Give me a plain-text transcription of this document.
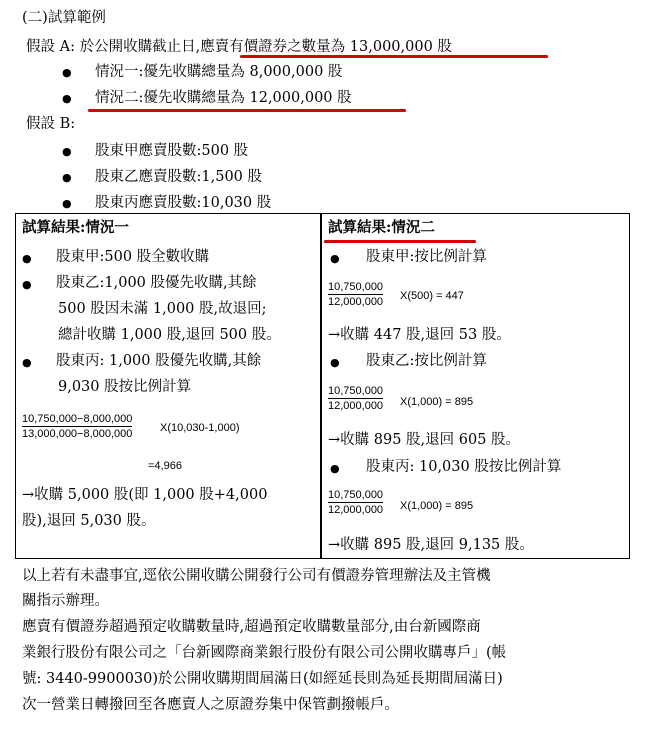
(二)試算範例
假設 A: 於公開收購截止日,應賣有價證券之數量為 13,000,000 股
● 情況一:優先收購總量為 8,000,000 股
● 情況二:優先收購總量為 12,000,000 股
假設 B:
● 股東甲應賣股數:500 股
● 股東乙應賣股數:1,500 股
● 股東丙應賣股數:10,030 股
試算結果:情況一
● 股東甲:500 股全數收購
● 股東乙:1,000 股優先收購,其餘
500 股因未滿 1,000 股,故退回;
總計收購 1,000 股,退回 500 股。
● 股東丙: 1,000 股優先收購,其餘
9,030 股按比例計算
$\frac{10,750,000-8,000,000}{13,000,000-8,000,000}$	X(10,030-1,000)
=4,966
→收購 5,000 股(即 1,000 股+4,000
股),退回 5,030 股。
試算結果:情況二
● 股東甲:按比例計算
$\frac{10,750,000}{12,000,000} X(500) = 447$
→收購 447 股,退回 53 股。
● 股東乙:按比例計算
$\frac{10,750,000}{12,000,000} X(1,000) = 895$
→收購 895 股,退回 605 股。
● 股東丙: 10,030 股按比例計算
$\frac{10,750,000}{12,000,000} X(1,000) = 895$
→收購 895 股,退回 9,135 股。
以上若有未盡事宜,逕依公開收購公開發行公司有價證券管理辦法及主管機
關指示辦理。
應賣有價證券超過預定收購數量時,超過預定收購數量部分,由台新國際商
業銀行股份有限公司之「台新國際商業銀行股份有限公司公開收購專戶」(帳
號: 3440-9900030)於公開收購期間屆滿日(如經延長則為延長期間屆滿日)
次一營業日轉撥回至各應賣人之原證券集中保管劃撥帳戶。
